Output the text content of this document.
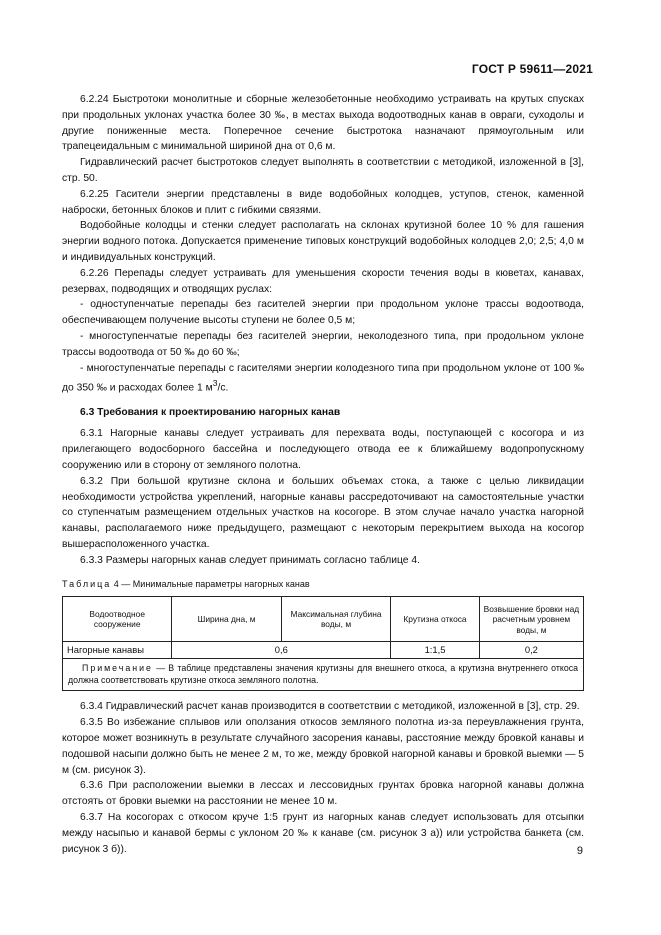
ГОСТ Р 59611—2021

6.2.24 Быстротоки монолитные и сборные железобетонные необходимо устраивать на крутых спусках при продольных уклонах участка более 30 ‰, в местах выхода водоотводных канав в овраги, суходолы и другие пониженные места. Поперечное сечение быстротока назначают прямоугольным или трапецеидальным с минимальной шириной дна от 0,6 м.

Гидравлический расчет быстротоков следует выполнять в соответствии с методикой, изложенной в [3], стр. 50.

6.2.25 Гасители энергии представлены в виде водобойных колодцев, уступов, стенок, каменной наброски, бетонных блоков и плит с гибкими связями.

Водобойные колодцы и стенки следует располагать на склонах крутизной более 10 % для гашения энергии водного потока. Допускается применение типовых конструкций водобойных колодцев 2,0; 2,5; 4,0 м и индивидуальных конструкций.

6.2.26 Перепады следует устраивать для уменьшения скорости течения воды в кюветах, канавах, резервах, подводящих и отводящих руслах:

- одноступенчатые перепады без гасителей энергии при продольном уклоне трассы водоотвода, обеспечивающем получение высоты ступени не более 0,5 м;

- многоступенчатые перепады без гасителей энергии, неколодезного типа, при продольном уклоне трассы водоотвода от 50 ‰ до 60 ‰;

- многоступенчатые перепады с гасителями энергии колодезного типа при продольном уклоне от 100 ‰ до 350 ‰ и расходах более 1 $м^3/с$.

6.3 Требования к проектированию нагорных канав

6.3.1 Нагорные канавы следует устраивать для перехвата воды, поступающей с косогора и из прилегающего водосборного бассейна и последующего отвода ее к ближайшему водопропускному сооружению или в сторону от земляного полотна.

6.3.2 При большой крутизне склона и больших объемах стока, а также с целью ликвидации необходимости устройства укреплений, нагорные канавы рассредоточивают на самостоятельные участки со ступенчатым размещением отдельных участков на косогоре. В этом случае начало участка нагорной канавы, располагаемого ниже предыдущего, размещают с некоторым перекрытием выхода на косогор вышерасположенного участка.

6.3.3 Размеры нагорных канав следует принимать согласно таблице 4.

Таблица 4 — Минимальные параметры нагорных канав

Водоотводное сооружение	Ширина дна, м	Максимальная глубина воды, м	Крутизна откоса	Возвышение бровки над расчетным уровнем воды, м
Нагорные канавы	0,6		1:1,5	0,2
Примечание — В таблице представлены значения крутизны для внешнего откоса, а крутизна внутреннего откоса должна соответствовать крутизне откоса земляного полотна.				

6.3.4 Гидравлический расчет канав производится в соответствии с методикой, изложенной в [3], стр. 29.

6.3.5 Во избежание сплывов или оползания откосов земляного полотна из-за переувлажнения грунта, которое может возникнуть в результате случайного засорения канавы, расстояние между бровкой канавы и подошвой насыпи должно быть не менее 2 м, то же, между бровкой нагорной канавы и бровкой выемки — 5 м (см. рисунок 3).

6.3.6 При расположении выемки в лессах и лессовидных грунтах бровка нагорной канавы должна отстоять от бровки выемки на расстоянии не менее 10 м.

6.3.7 На косогорах с откосом круче 1:5 грунт из нагорных канав следует использовать для отсыпки между насыпью и канавой бермы с уклоном 20 ‰ к канаве (см. рисунок 3 а)) или устройства банкета (см. рисунок 3 б)).	9
